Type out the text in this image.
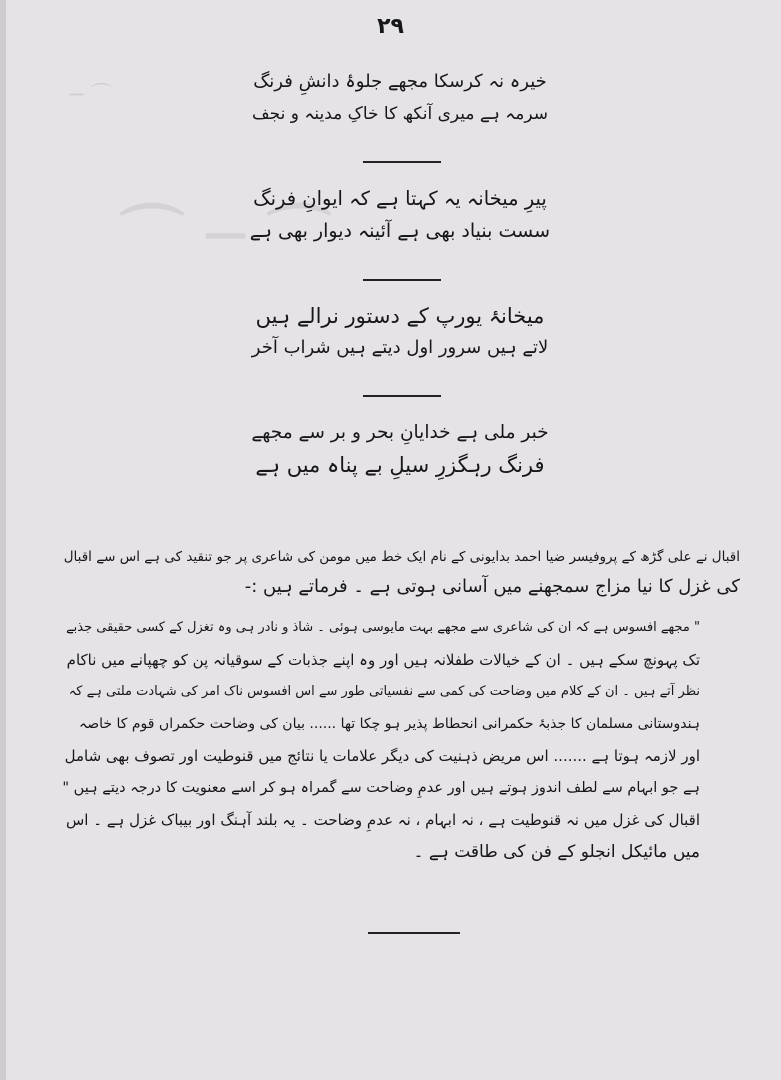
⌒ ─ ⌒
⌒ ─
۲۹
خیرہ نہ کرسکا مجھے جلوۂ دانشِ فرنگ
سرمہ ہے میری آنکھ کا خاکِ مدینہ و نجف
پیرِ میخانہ یہ کہتا ہے کہ ایوانِ فرنگ
سست بنیاد بھی ہے آئینہ دیوار بھی ہے
میخانۂ یورپ کے دستور نرالے ہیں
لاتے ہیں سرور اول دیتے ہیں شراب آخر
خبر ملی ہے خدایانِ بحر و بر سے مجھے
فرنگ رہگزرِ سیلِ بے پناہ میں ہے
اقبال نے علی گڑھ کے پروفیسر ضیا احمد بدایونی کے نام ایک خط میں مومن کی شاعری پر جو تنقید کی ہے اس سے اقبال
کی غزل کا نیا مزاج سمجھنے میں آسانی ہوتی ہے ۔ فرماتے ہیں :-
" مجھے افسوس ہے کہ ان کی شاعری سے مجھے بہت مایوسی ہوئی ۔ شاذ و نادر ہی وہ تغزل کے کسی حقیقی جذبے
تک پہونچ سکے ہیں ۔ ان کے خیالات طفلانہ ہیں اور وہ اپنے جذبات کے سوقیانہ پن کو چھپانے میں ناکام
نظر آتے ہیں ۔ ان کے کلام میں وضاحت کی کمی سے نفسیاتی طور سے اس افسوس ناک امر کی شہادت ملتی ہے کہ
ہندوستانی مسلمان کا جذبۂ حکمرانی انحطاط پذیر ہو چکا تھا ...... بیان کی وضاحت حکمراں قوم کا خاصہ
اور لازمہ ہوتا ہے ....... اس مریض ذہنیت کی دیگر علامات یا نتائج میں قنوطیت اور تصوف بھی شامل
ہے جو ابہام سے لطف اندوز ہوتے ہیں اور عدمِ وضاحت سے گمراہ ہو کر اسے معنویت کا درجہ دیتے ہیں "
اقبال کی غزل میں نہ قنوطیت ہے ، نہ ابہام ، نہ عدمِ وضاحت ۔ یہ بلند آہنگ اور بیباک غزل ہے ۔ اس
میں مائیکل انجلو کے فن کی طاقت ہے ۔
